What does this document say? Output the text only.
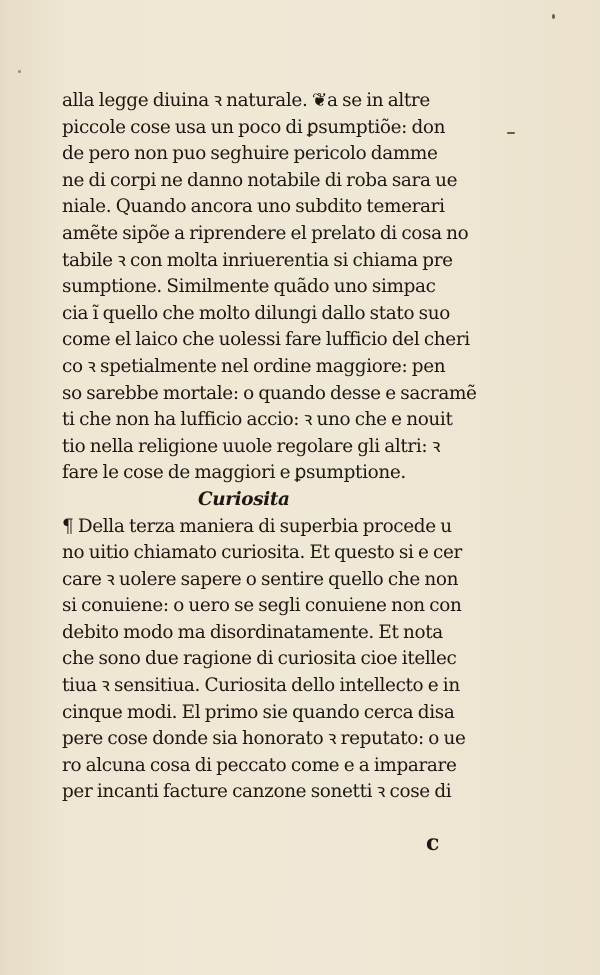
alla legge diuina ꝛ naturale. ❦a se in altre
piccole cose usa un poco di ꝑsumptiõe: don
de pero non puo seghuire pericolo damme
ne di corpi ne danno notabile di roba sara ue
niale. Quando ancora uno subdito temerari
amẽte sipõe a riprendere el prelato di cosa no
tabile ꝛ con molta inriuerentia si chiama pre
sumptione. Similmente quãdo uno simpac
cia ĩ quello che molto dilungi dallo stato suo
come el laico che uolessi fare lufficio del cheri
co ꝛ spetialmente nel ordine maggiore: pen
so sarebbe mortale: o quando desse e sacramẽ
ti che non ha lufficio accio: ꝛ uno che e nouit
tio nella religione uuole regolare gli altri: ꝛ
fare le cose de maggiori e ꝑsumptione.
Curiosita
¶ Della terza maniera di superbia procede u
no uitio chiamato curiosita. Et questo si e cer
care ꝛ uolere sapere o sentire quello che non
si conuiene: o uero se segli conuiene non con
debito modo ma disordinatamente. Et nota
che sono due ragione di curiosita cioe itellec
tiua ꝛ sensitiua. Curiosita dello intellecto e in
cinque modi. El primo sie quando cerca disa
pere cose donde sia honorato ꝛ reputato: o ue
ro alcuna cosa di peccato come e a imparare
per incanti facture canzone sonetti ꝛ cose di
c
